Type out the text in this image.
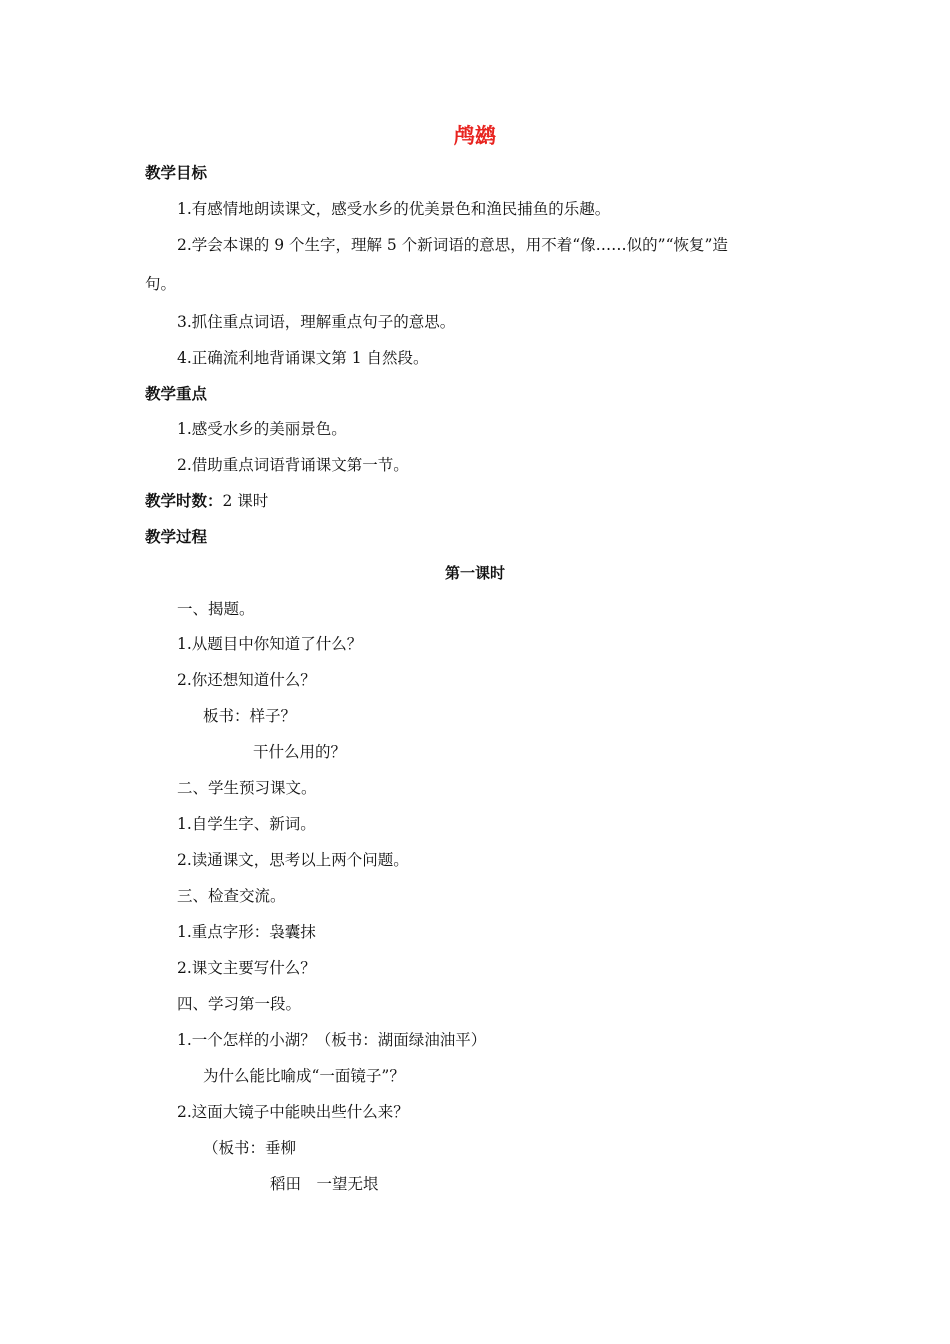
鸬鹚
教学目标
1.有感情地朗读课文，感受水乡的优美景色和渔民捕鱼的乐趣。
2.学会本课的 9 个生字，理解 5 个新词语的意思，用不着“像……似的”“恢复”造
句。
3.抓住重点词语，理解重点句子的意思。
4.正确流利地背诵课文第 1 自然段。
教学重点
1.感受水乡的美丽景色。
2.借助重点词语背诵课文第一节。
教学时数：2 课时
教学过程
第一课时
一、揭题。
1.从题目中你知道了什么？
2.你还想知道什么？
板书：样子？
干什么用的？
二、学生预习课文。
1.自学生字、新词。
2.读通课文，思考以上两个问题。
三、检查交流。
1.重点字形：袅囊抹
2.课文主要写什么？
四、学习第一段。
1.一个怎样的小湖？（板书：湖面绿油油平）
为什么能比喻成“一面镜子”？
2.这面大镜子中能映出些什么来？
（板书：垂柳
稻田　一望无垠
